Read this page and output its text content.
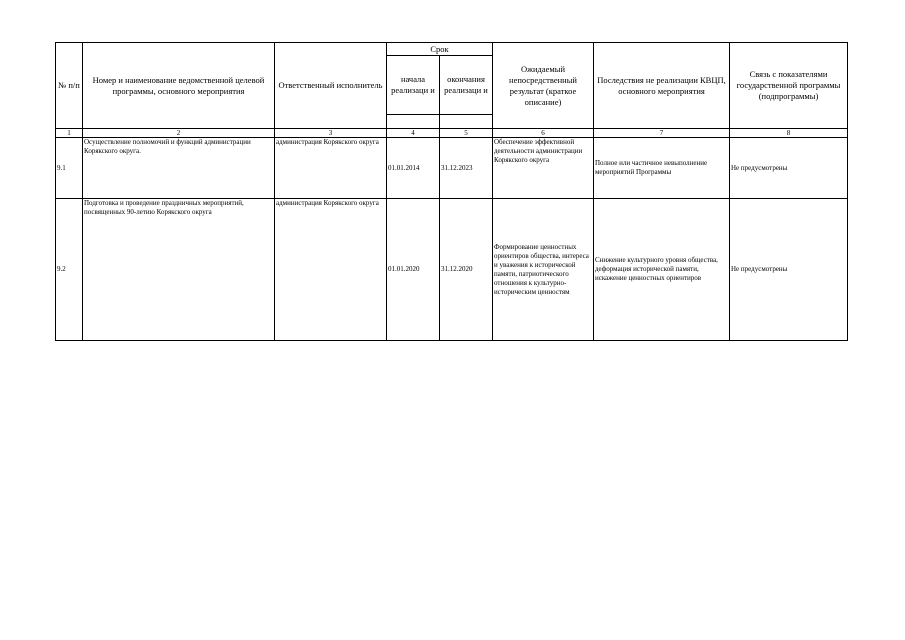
№ п/п	Номер и наименование ведомственной целевой программы, основного мероприятия	Ответственный исполнитель	Срок		Ожидаемый непосредственный результат (краткое описание)	Последствия не реализации КВЦП, основного мероприятия	Связь с показателями государственной программы (подпрограммы)
			начала реализаци и	окончания реализаци и			

1	2	3	4	5	6	7	8
9.1	Осуществление полномочий и функций администрации Корякского округа.	администрация Корякского округа	01.01.2014	31.12.2023	Обеспечение эффективной деятельности администрации Корякского округа	Полное или частичное невыполнение мероприятий Программы	Не предусмотрены
9.2	Подготовка и проведение праздничных мероприятий, посвященных 90-летию Корякского округа	администрация Корякского округа	01.01.2020	31.12.2020	Формирование ценностных ориентиров общества, интереса и уважения к исторической памяти, патриотического отношения к культурно-историческим ценностям	Снижение культурного уровня общества, деформация исторической памяти, искажение ценностных ориентиров	Не предусмотрены
